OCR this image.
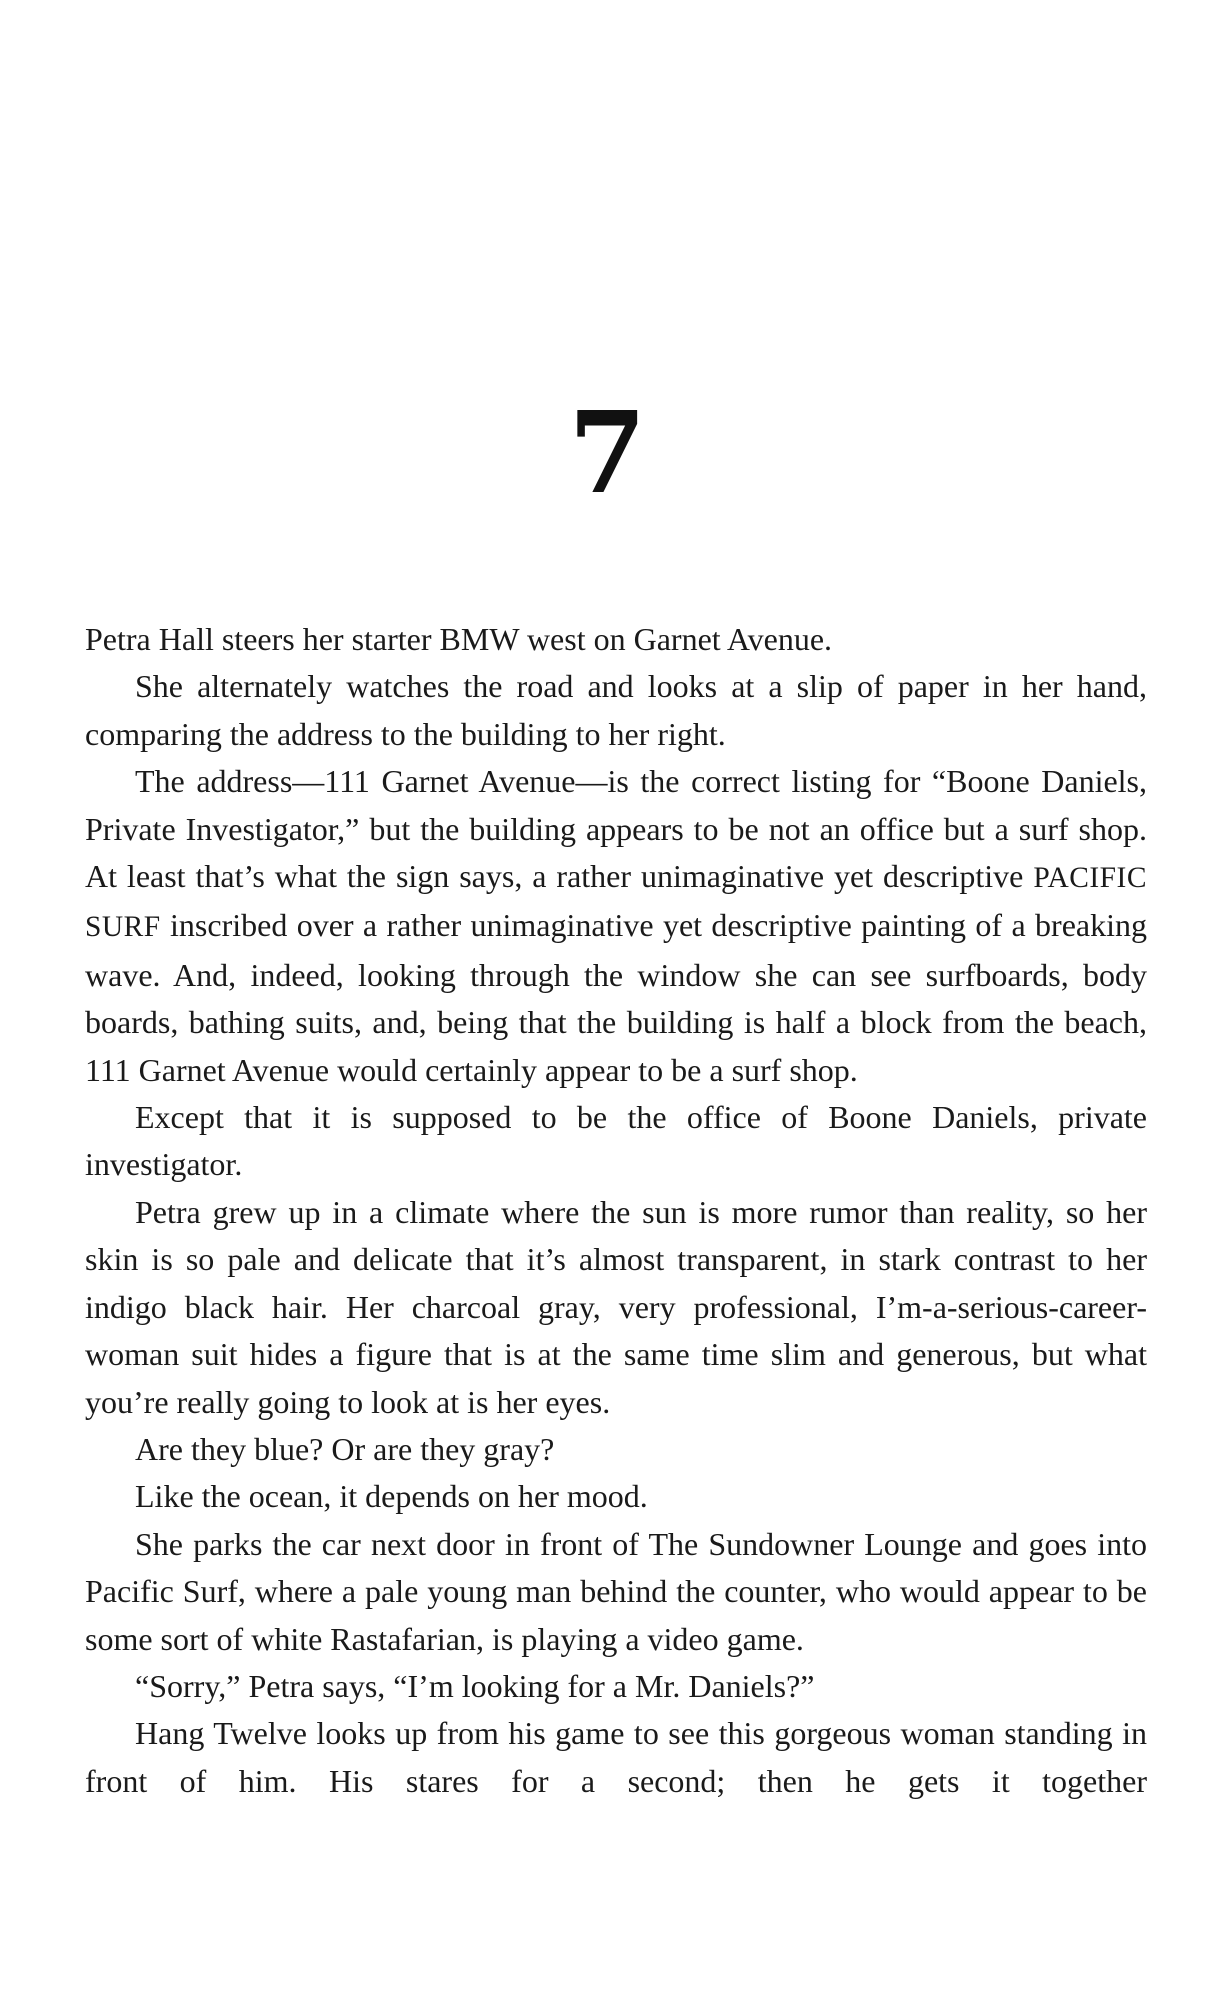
7

Petra Hall steers her starter BMW west on Garnet Avenue.

She alternately watches the road and looks at a slip of paper in her hand, comparing the address to the building to her right.

The address—111 Garnet Avenue—is the correct listing for “Boone Daniels, Private Investigator,” but the building appears to be not an office but a surf shop. At least that’s what the sign says, a rather unimaginative yet descriptive PACIFIC SURF inscribed over a rather unimaginative yet descriptive painting of a breaking wave. And, indeed, looking through the window she can see surfboards, body boards, bathing suits, and, being that the building is half a block from the beach, 111 Garnet Avenue would certainly appear to be a surf shop.

Except that it is supposed to be the office of Boone Daniels, private investigator.

Petra grew up in a climate where the sun is more rumor than reality, so her skin is so pale and delicate that it’s almost transparent, in stark contrast to her indigo black hair. Her charcoal gray, very professional, I’m-a-serious-career-woman suit hides a figure that is at the same time slim and generous, but what you’re really going to look at is her eyes.

Are they blue? Or are they gray?

Like the ocean, it depends on her mood.

She parks the car next door in front of The Sundowner Lounge and goes into Pacific Surf, where a pale young man behind the counter, who would appear to be some sort of white Rastafarian, is playing a video game.

“Sorry,” Petra says, “I’m looking for a Mr. Daniels?”

Hang Twelve looks up from his game to see this gorgeous woman standing in front of him. His stares for a second; then he gets it together
